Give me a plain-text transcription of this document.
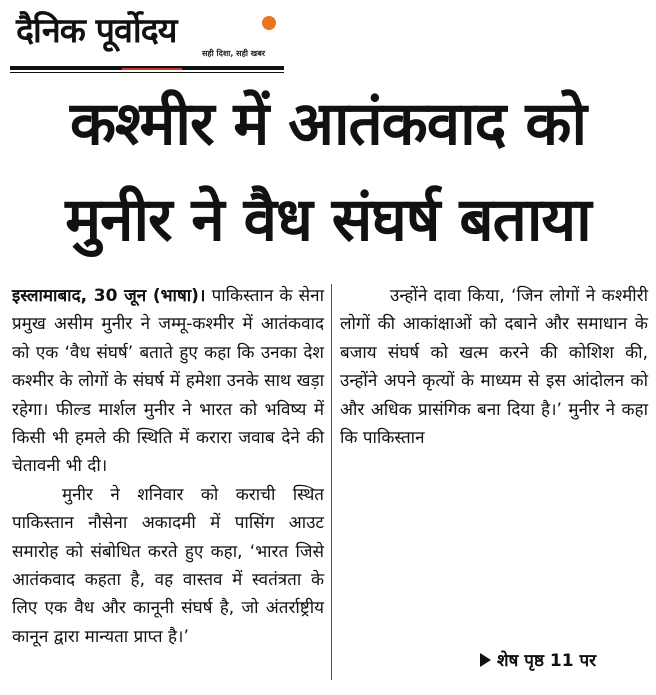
दैनिक पूर्वोदय
सही दिशा, सही खबर
कश्मीर में आतंकवाद को
मुनीर ने वैध संघर्ष बताया

इस्लामाबाद, 30 जून (भाषा)। पाकिस्तान के सेना प्रमुख असीम मुनीर ने जम्मू-कश्मीर में आतंकवाद को एक ‘वैध संघर्ष’ बताते हुए कहा कि उनका देश कश्मीर के लोगों के संघर्ष में हमेशा उनके साथ खड़ा रहेगा। फील्ड मार्शल मुनीर ने भारत को भविष्य में किसी भी हमले की स्थिति में करारा जवाब देने की चेतावनी भी दी।

मुनीर ने शनिवार को कराची स्थित पाकिस्तान नौसेना अकादमी में पासिंग आउट समारोह को संबोधित करते हुए कहा, ‘भारत जिसे आतंकवाद कहता है, वह वास्तव में स्वतंत्रता के लिए एक वैध और कानूनी संघर्ष है, जो अंतर्राष्ट्रीय कानून द्वारा मान्यता प्राप्त है।’

उन्होंने दावा किया, ‘जिन लोगों ने कश्मीरी लोगों की आकांक्षाओं को दबाने और समाधान के बजाय संघर्ष को खत्म करने की कोशिश की, उन्होंने अपने कृत्यों के माध्यम से इस आंदोलन को और अधिक प्रासंगिक बना दिया है।’ मुनीर ने कहा कि पाकिस्तान

शेष पृष्ठ 11 पर
